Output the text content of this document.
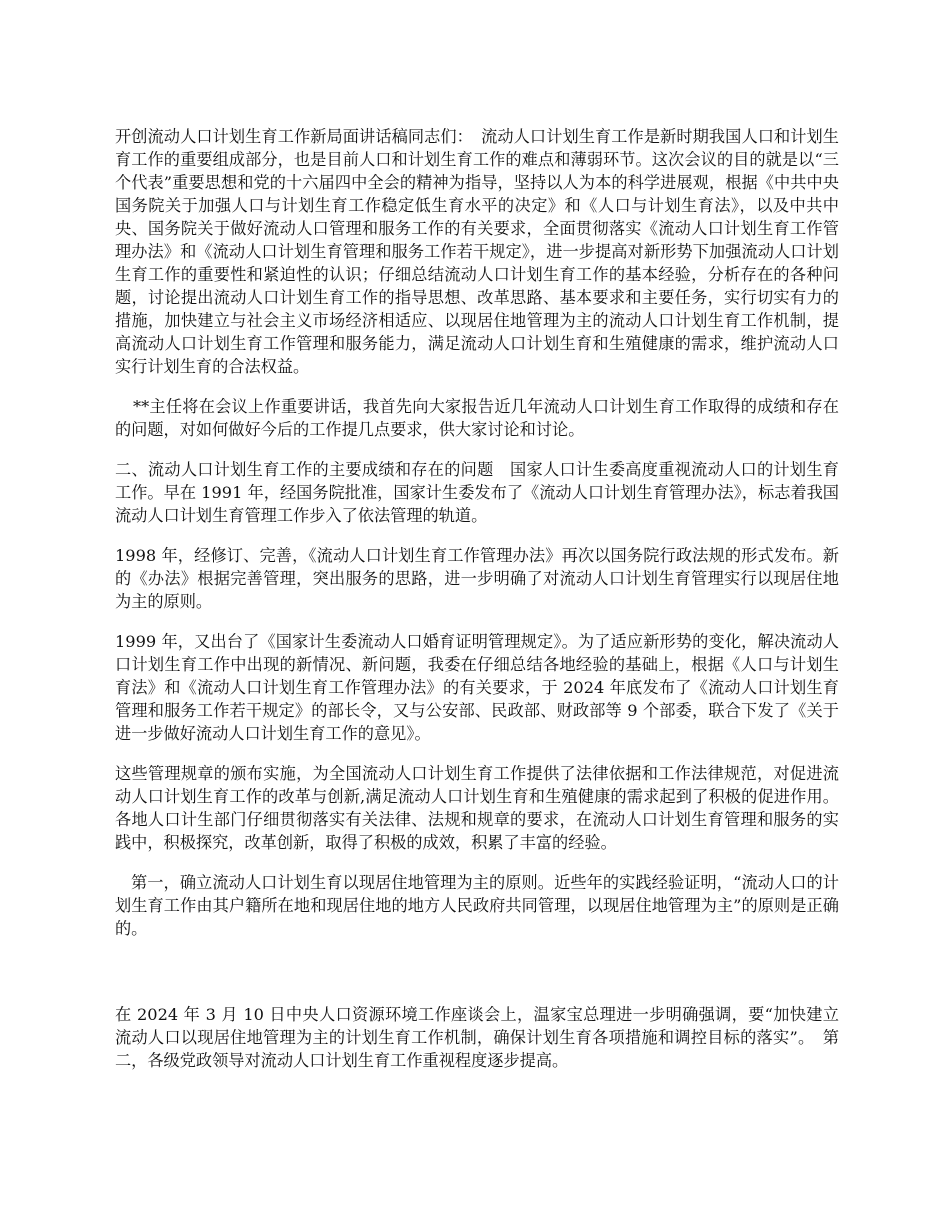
开创流动人口计划生育工作新局面讲话稿同志们：　流动人口计划生育工作是新时期我国人口和计划生育工作的重要组成部分，也是目前人口和计划生育工作的难点和薄弱环节。这次会议的目的就是以“三个代表”重要思想和党的十六届四中全会的精神为指导，坚持以人为本的科学进展观，根据《中共中央国务院关于加强人口与计划生育工作稳定低生育水平的决定》和《人口与计划生育法》，以及中共中央、国务院关于做好流动人口管理和服务工作的有关要求，全面贯彻落实《流动人口计划生育工作管理办法》和《流动人口计划生育管理和服务工作若干规定》，进一步提高对新形势下加强流动人口计划生育工作的重要性和紧迫性的认识；仔细总结流动人口计划生育工作的基本经验，分析存在的各种问题，讨论提出流动人口计划生育工作的指导思想、改革思路、基本要求和主要任务，实行切实有力的措施，加快建立与社会主义市场经济相适应、以现居住地管理为主的流动人口计划生育工作机制，提高流动人口计划生育工作管理和服务能力，满足流动人口计划生育和生殖健康的需求，维护流动人口实行计划生育的合法权益。

**主任将在会议上作重要讲话，我首先向大家报告近几年流动人口计划生育工作取得的成绩和存在的问题，对如何做好今后的工作提几点要求，供大家讨论和讨论。

二、流动人口计划生育工作的主要成绩和存在的问题　国家人口计生委高度重视流动人口的计划生育工作。早在 1991 年，经国务院批准，国家计生委发布了《流动人口计划生育管理办法》，标志着我国流动人口计划生育管理工作步入了依法管理的轨道。

1998 年，经修订、完善，《流动人口计划生育工作管理办法》再次以国务院行政法规的形式发布。新的《办法》根据完善管理，突出服务的思路，进一步明确了对流动人口计划生育管理实行以现居住地为主的原则。

1999 年，又出台了《国家计生委流动人口婚育证明管理规定》。为了适应新形势的变化，解决流动人口计划生育工作中出现的新情况、新问题，我委在仔细总结各地经验的基础上，根据《人口与计划生育法》和《流动人口计划生育工作管理办法》的有关要求，于 2024 年底发布了《流动人口计划生育管理和服务工作若干规定》的部长令，又与公安部、民政部、财政部等 9 个部委，联合下发了《关于进一步做好流动人口计划生育工作的意见》。

这些管理规章的颁布实施，为全国流动人口计划生育工作提供了法律依据和工作法律规范，对促进流动人口计划生育工作的改革与创新,满足流动人口计划生育和生殖健康的需求起到了积极的促进作用。各地人口计生部门仔细贯彻落实有关法律、法规和规章的要求，在流动人口计划生育管理和服务的实践中，积极探究，改革创新，取得了积极的成效，积累了丰富的经验。

第一，确立流动人口计划生育以现居住地管理为主的原则。近些年的实践经验证明，“流动人口的计划生育工作由其户籍所在地和现居住地的地方人民政府共同管理，以现居住地管理为主”的原则是正确的。

在 2024 年 3 月 10 日中央人口资源环境工作座谈会上，温家宝总理进一步明确强调，要“加快建立流动人口以现居住地管理为主的计划生育工作机制，确保计划生育各项措施和调控目标的落实”。　第二，各级党政领导对流动人口计划生育工作重视程度逐步提高。
